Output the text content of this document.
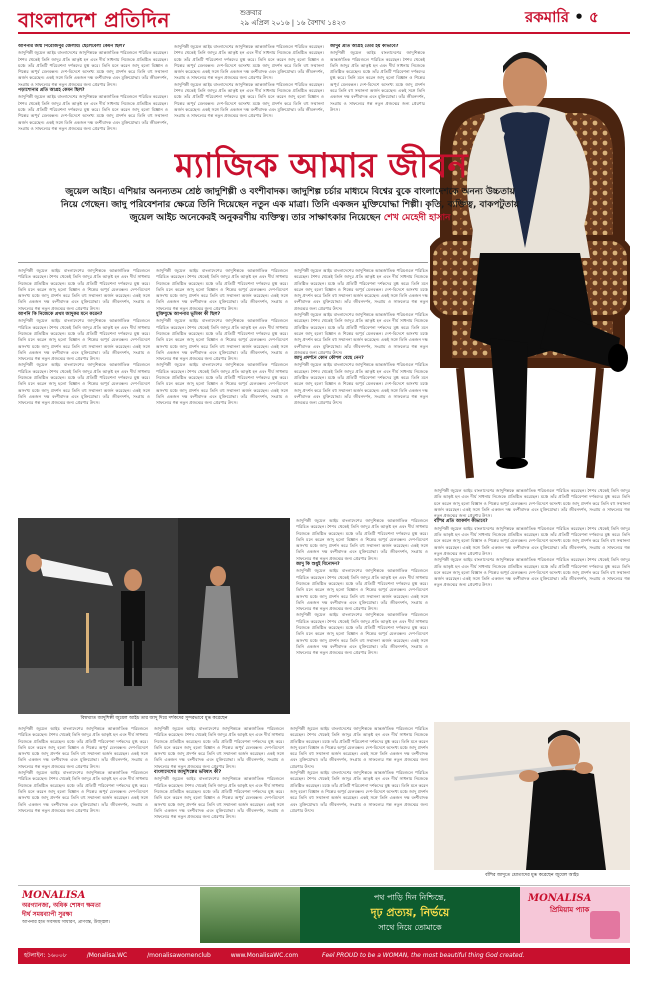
বাংলাদেশ প্রতিদিন	শুক্রবার
২৯ এপ্রিল ২০১৬ | ১৬ বৈশাখ ১৪২৩	রকমারি • ৫
আপনার জন্ম পিরোজপুর জেলায়। ছেলেবেলা কেমন ছিল?
জাদুশিল্পী জুয়েল আইচ বাংলাদেশের জাদুশিল্পকে আন্তর্জাতিক পরিমণ্ডলে পরিচিত করেছেন। শৈশব থেকেই তিনি জাদুর প্রতি আকৃষ্ট হন এবং দীর্ঘ সাধনায় নিজেকে প্রতিষ্ঠিত করেছেন। মঞ্চে তাঁর প্রতিটি পরিবেশনা দর্শকদের মুগ্ধ করে। তিনি মনে করেন জাদু হলো বিজ্ঞান ও শিল্পের অপূর্ব মেলবন্ধন। দেশ-বিদেশে অসংখ্য মঞ্চে জাদু প্রদর্শন করে তিনি বহু সম্মাননা অর্জন করেছেন। একই সঙ্গে তিনি একজন দক্ষ বংশীবাদক এবং মুক্তিযোদ্ধা। তাঁর জীবনদর্শন, সংগ্রাম ও সাফল্যের গল্প নতুন প্রজন্মের জন্য প্রেরণার উৎস।
পড়াশোনার প্রতি আগ্রহ কেমন ছিল?
জাদুশিল্পী জুয়েল আইচ বাংলাদেশের জাদুশিল্পকে আন্তর্জাতিক পরিমণ্ডলে পরিচিত করেছেন। শৈশব থেকেই তিনি জাদুর প্রতি আকৃষ্ট হন এবং দীর্ঘ সাধনায় নিজেকে প্রতিষ্ঠিত করেছেন। মঞ্চে তাঁর প্রতিটি পরিবেশনা দর্শকদের মুগ্ধ করে। তিনি মনে করেন জাদু হলো বিজ্ঞান ও শিল্পের অপূর্ব মেলবন্ধন। দেশ-বিদেশে অসংখ্য মঞ্চে জাদু প্রদর্শন করে তিনি বহু সম্মাননা অর্জন করেছেন। একই সঙ্গে তিনি একজন দক্ষ বংশীবাদক এবং মুক্তিযোদ্ধা। তাঁর জীবনদর্শন, সংগ্রাম ও সাফল্যের গল্প নতুন প্রজন্মের জন্য প্রেরণার উৎস।
জাদুশিল্পী জুয়েল আইচ বাংলাদেশের জাদুশিল্পকে আন্তর্জাতিক পরিমণ্ডলে পরিচিত করেছেন। শৈশব থেকেই তিনি জাদুর প্রতি আকৃষ্ট হন এবং দীর্ঘ সাধনায় নিজেকে প্রতিষ্ঠিত করেছেন। মঞ্চে তাঁর প্রতিটি পরিবেশনা দর্শকদের মুগ্ধ করে। তিনি মনে করেন জাদু হলো বিজ্ঞান ও শিল্পের অপূর্ব মেলবন্ধন। দেশ-বিদেশে অসংখ্য মঞ্চে জাদু প্রদর্শন করে তিনি বহু সম্মাননা অর্জন করেছেন। একই সঙ্গে তিনি একজন দক্ষ বংশীবাদক এবং মুক্তিযোদ্ধা। তাঁর জীবনদর্শন, সংগ্রাম ও সাফল্যের গল্প নতুন প্রজন্মের জন্য প্রেরণার উৎস।
জাদুশিল্পী জুয়েল আইচ বাংলাদেশের জাদুশিল্পকে আন্তর্জাতিক পরিমণ্ডলে পরিচিত করেছেন। শৈশব থেকেই তিনি জাদুর প্রতি আকৃষ্ট হন এবং দীর্ঘ সাধনায় নিজেকে প্রতিষ্ঠিত করেছেন। মঞ্চে তাঁর প্রতিটি পরিবেশনা দর্শকদের মুগ্ধ করে। তিনি মনে করেন জাদু হলো বিজ্ঞান ও শিল্পের অপূর্ব মেলবন্ধন। দেশ-বিদেশে অসংখ্য মঞ্চে জাদু প্রদর্শন করে তিনি বহু সম্মাননা অর্জন করেছেন। একই সঙ্গে তিনি একজন দক্ষ বংশীবাদক এবং মুক্তিযোদ্ধা। তাঁর জীবনদর্শন, সংগ্রাম ও সাফল্যের গল্প নতুন প্রজন্মের জন্য প্রেরণার উৎস।
জাদুর প্রতি আগ্রহ তৈরি হয় কীভাবে?
জাদুশিল্পী জুয়েল আইচ বাংলাদেশের জাদুশিল্পকে আন্তর্জাতিক পরিমণ্ডলে পরিচিত করেছেন। শৈশব থেকেই তিনি জাদুর প্রতি আকৃষ্ট হন এবং দীর্ঘ সাধনায় নিজেকে প্রতিষ্ঠিত করেছেন। মঞ্চে তাঁর প্রতিটি পরিবেশনা দর্শকদের মুগ্ধ করে। তিনি মনে করেন জাদু হলো বিজ্ঞান ও শিল্পের অপূর্ব মেলবন্ধন। দেশ-বিদেশে অসংখ্য মঞ্চে জাদু প্রদর্শন করে তিনি বহু সম্মাননা অর্জন করেছেন। একই সঙ্গে তিনি একজন দক্ষ বংশীবাদক এবং মুক্তিযোদ্ধা। তাঁর জীবনদর্শন, সংগ্রাম ও সাফল্যের গল্প নতুন প্রজন্মের জন্য প্রেরণার উৎস।
ম্যাজিক আমার জীবন
জুয়েল আইচ। এশিয়ার অনন্যতম শ্রেষ্ঠ জাদুশিল্পী ও বংশীবাদক। জাদুশিল্প চর্চার মাধ্যমে বিশ্বের বুকে বাংলাদেশকে অনন্য উচ্চতায় নিয়ে গেছেন। জাদু পরিবেশনার ক্ষেত্রে তিনি দিয়েছেন নতুন এক মাত্রা। তিনি একজন মুক্তিযোদ্ধা শিল্পী। কৃতি, ব্যক্তিত্ব, বাকপটুতায় জুয়েল আইচ অনেকেরই অনুকরণীয় ব্যক্তিত্ব। তার সাক্ষাৎকার নিয়েছেন শেখ মেহেদী হাসান
জাদুশিল্পী জুয়েল আইচ বাংলাদেশের জাদুশিল্পকে আন্তর্জাতিক পরিমণ্ডলে পরিচিত করেছেন। শৈশব থেকেই তিনি জাদুর প্রতি আকৃষ্ট হন এবং দীর্ঘ সাধনায় নিজেকে প্রতিষ্ঠিত করেছেন। মঞ্চে তাঁর প্রতিটি পরিবেশনা দর্শকদের মুগ্ধ করে। তিনি মনে করেন জাদু হলো বিজ্ঞান ও শিল্পের অপূর্ব মেলবন্ধন। দেশ-বিদেশে অসংখ্য মঞ্চে জাদু প্রদর্শন করে তিনি বহু সম্মাননা অর্জন করেছেন। একই সঙ্গে তিনি একজন দক্ষ বংশীবাদক এবং মুক্তিযোদ্ধা। তাঁর জীবনদর্শন, সংগ্রাম ও সাফল্যের গল্প নতুন প্রজন্মের জন্য প্রেরণার উৎস।
আপনি কি নিজেকে প্রথম জাদুকর মনে করেন?
জাদুশিল্পী জুয়েল আইচ বাংলাদেশের জাদুশিল্পকে আন্তর্জাতিক পরিমণ্ডলে পরিচিত করেছেন। শৈশব থেকেই তিনি জাদুর প্রতি আকৃষ্ট হন এবং দীর্ঘ সাধনায় নিজেকে প্রতিষ্ঠিত করেছেন। মঞ্চে তাঁর প্রতিটি পরিবেশনা দর্শকদের মুগ্ধ করে। তিনি মনে করেন জাদু হলো বিজ্ঞান ও শিল্পের অপূর্ব মেলবন্ধন। দেশ-বিদেশে অসংখ্য মঞ্চে জাদু প্রদর্শন করে তিনি বহু সম্মাননা অর্জন করেছেন। একই সঙ্গে তিনি একজন দক্ষ বংশীবাদক এবং মুক্তিযোদ্ধা। তাঁর জীবনদর্শন, সংগ্রাম ও সাফল্যের গল্প নতুন প্রজন্মের জন্য প্রেরণার উৎস।
জাদুশিল্পী জুয়েল আইচ বাংলাদেশের জাদুশিল্পকে আন্তর্জাতিক পরিমণ্ডলে পরিচিত করেছেন। শৈশব থেকেই তিনি জাদুর প্রতি আকৃষ্ট হন এবং দীর্ঘ সাধনায় নিজেকে প্রতিষ্ঠিত করেছেন। মঞ্চে তাঁর প্রতিটি পরিবেশনা দর্শকদের মুগ্ধ করে। তিনি মনে করেন জাদু হলো বিজ্ঞান ও শিল্পের অপূর্ব মেলবন্ধন। দেশ-বিদেশে অসংখ্য মঞ্চে জাদু প্রদর্শন করে তিনি বহু সম্মাননা অর্জন করেছেন। একই সঙ্গে তিনি একজন দক্ষ বংশীবাদক এবং মুক্তিযোদ্ধা। তাঁর জীবনদর্শন, সংগ্রাম ও সাফল্যের গল্প নতুন প্রজন্মের জন্য প্রেরণার উৎস।
জাদুশিল্পী জুয়েল আইচ বাংলাদেশের জাদুশিল্পকে আন্তর্জাতিক পরিমণ্ডলে পরিচিত করেছেন। শৈশব থেকেই তিনি জাদুর প্রতি আকৃষ্ট হন এবং দীর্ঘ সাধনায় নিজেকে প্রতিষ্ঠিত করেছেন। মঞ্চে তাঁর প্রতিটি পরিবেশনা দর্শকদের মুগ্ধ করে। তিনি মনে করেন জাদু হলো বিজ্ঞান ও শিল্পের অপূর্ব মেলবন্ধন। দেশ-বিদেশে অসংখ্য মঞ্চে জাদু প্রদর্শন করে তিনি বহু সম্মাননা অর্জন করেছেন। একই সঙ্গে তিনি একজন দক্ষ বংশীবাদক এবং মুক্তিযোদ্ধা। তাঁর জীবনদর্শন, সংগ্রাম ও সাফল্যের গল্প নতুন প্রজন্মের জন্য প্রেরণার উৎস।
মুক্তিযুদ্ধে আপনার ভূমিকা কী ছিল?
জাদুশিল্পী জুয়েল আইচ বাংলাদেশের জাদুশিল্পকে আন্তর্জাতিক পরিমণ্ডলে পরিচিত করেছেন। শৈশব থেকেই তিনি জাদুর প্রতি আকৃষ্ট হন এবং দীর্ঘ সাধনায় নিজেকে প্রতিষ্ঠিত করেছেন। মঞ্চে তাঁর প্রতিটি পরিবেশনা দর্শকদের মুগ্ধ করে। তিনি মনে করেন জাদু হলো বিজ্ঞান ও শিল্পের অপূর্ব মেলবন্ধন। দেশ-বিদেশে অসংখ্য মঞ্চে জাদু প্রদর্শন করে তিনি বহু সম্মাননা অর্জন করেছেন। একই সঙ্গে তিনি একজন দক্ষ বংশীবাদক এবং মুক্তিযোদ্ধা। তাঁর জীবনদর্শন, সংগ্রাম ও সাফল্যের গল্প নতুন প্রজন্মের জন্য প্রেরণার উৎস।
জাদুশিল্পী জুয়েল আইচ বাংলাদেশের জাদুশিল্পকে আন্তর্জাতিক পরিমণ্ডলে পরিচিত করেছেন। শৈশব থেকেই তিনি জাদুর প্রতি আকৃষ্ট হন এবং দীর্ঘ সাধনায় নিজেকে প্রতিষ্ঠিত করেছেন। মঞ্চে তাঁর প্রতিটি পরিবেশনা দর্শকদের মুগ্ধ করে। তিনি মনে করেন জাদু হলো বিজ্ঞান ও শিল্পের অপূর্ব মেলবন্ধন। দেশ-বিদেশে অসংখ্য মঞ্চে জাদু প্রদর্শন করে তিনি বহু সম্মাননা অর্জন করেছেন। একই সঙ্গে তিনি একজন দক্ষ বংশীবাদক এবং মুক্তিযোদ্ধা। তাঁর জীবনদর্শন, সংগ্রাম ও সাফল্যের গল্প নতুন প্রজন্মের জন্য প্রেরণার উৎস।
জাদুশিল্পী জুয়েল আইচ বাংলাদেশের জাদুশিল্পকে আন্তর্জাতিক পরিমণ্ডলে পরিচিত করেছেন। শৈশব থেকেই তিনি জাদুর প্রতি আকৃষ্ট হন এবং দীর্ঘ সাধনায় নিজেকে প্রতিষ্ঠিত করেছেন। মঞ্চে তাঁর প্রতিটি পরিবেশনা দর্শকদের মুগ্ধ করে। তিনি মনে করেন জাদু হলো বিজ্ঞান ও শিল্পের অপূর্ব মেলবন্ধন। দেশ-বিদেশে অসংখ্য মঞ্চে জাদু প্রদর্শন করে তিনি বহু সম্মাননা অর্জন করেছেন। একই সঙ্গে তিনি একজন দক্ষ বংশীবাদক এবং মুক্তিযোদ্ধা। তাঁর জীবনদর্শন, সংগ্রাম ও সাফল্যের গল্প নতুন প্রজন্মের জন্য প্রেরণার উৎস।
জাদুশিল্পী জুয়েল আইচ বাংলাদেশের জাদুশিল্পকে আন্তর্জাতিক পরিমণ্ডলে পরিচিত করেছেন। শৈশব থেকেই তিনি জাদুর প্রতি আকৃষ্ট হন এবং দীর্ঘ সাধনায় নিজেকে প্রতিষ্ঠিত করেছেন। মঞ্চে তাঁর প্রতিটি পরিবেশনা দর্শকদের মুগ্ধ করে। তিনি মনে করেন জাদু হলো বিজ্ঞান ও শিল্পের অপূর্ব মেলবন্ধন। দেশ-বিদেশে অসংখ্য মঞ্চে জাদু প্রদর্শন করে তিনি বহু সম্মাননা অর্জন করেছেন। একই সঙ্গে তিনি একজন দক্ষ বংশীবাদক এবং মুক্তিযোদ্ধা। তাঁর জীবনদর্শন, সংগ্রাম ও সাফল্যের গল্প নতুন প্রজন্মের জন্য প্রেরণার উৎস।
জাদু প্রদর্শনে কোন কৌশল বেছে নেন?
জাদুশিল্পী জুয়েল আইচ বাংলাদেশের জাদুশিল্পকে আন্তর্জাতিক পরিমণ্ডলে পরিচিত করেছেন। শৈশব থেকেই তিনি জাদুর প্রতি আকৃষ্ট হন এবং দীর্ঘ সাধনায় নিজেকে প্রতিষ্ঠিত করেছেন। মঞ্চে তাঁর প্রতিটি পরিবেশনা দর্শকদের মুগ্ধ করে। তিনি মনে করেন জাদু হলো বিজ্ঞান ও শিল্পের অপূর্ব মেলবন্ধন। দেশ-বিদেশে অসংখ্য মঞ্চে জাদু প্রদর্শন করে তিনি বহু সম্মাননা অর্জন করেছেন। একই সঙ্গে তিনি একজন দক্ষ বংশীবাদক এবং মুক্তিযোদ্ধা। তাঁর জীবনদর্শন, সংগ্রাম ও সাফল্যের গল্প নতুন প্রজন্মের জন্য প্রেরণার উৎস।
বিশ্বখ্যাত জাদুশিল্পী জুয়েল আইচ তার জাদু দিয়ে দর্শকদের সুন্দরভাবে মুগ্ধ করেছেন
জাদুশিল্পী জুয়েল আইচ বাংলাদেশের জাদুশিল্পকে আন্তর্জাতিক পরিমণ্ডলে পরিচিত করেছেন। শৈশব থেকেই তিনি জাদুর প্রতি আকৃষ্ট হন এবং দীর্ঘ সাধনায় নিজেকে প্রতিষ্ঠিত করেছেন। মঞ্চে তাঁর প্রতিটি পরিবেশনা দর্শকদের মুগ্ধ করে। তিনি মনে করেন জাদু হলো বিজ্ঞান ও শিল্পের অপূর্ব মেলবন্ধন। দেশ-বিদেশে অসংখ্য মঞ্চে জাদু প্রদর্শন করে তিনি বহু সম্মাননা অর্জন করেছেন। একই সঙ্গে তিনি একজন দক্ষ বংশীবাদক এবং মুক্তিযোদ্ধা। তাঁর জীবনদর্শন, সংগ্রাম ও সাফল্যের গল্প নতুন প্রজন্মের জন্য প্রেরণার উৎস।
জাদু কি শুধুই বিনোদন?
জাদুশিল্পী জুয়েল আইচ বাংলাদেশের জাদুশিল্পকে আন্তর্জাতিক পরিমণ্ডলে পরিচিত করেছেন। শৈশব থেকেই তিনি জাদুর প্রতি আকৃষ্ট হন এবং দীর্ঘ সাধনায় নিজেকে প্রতিষ্ঠিত করেছেন। মঞ্চে তাঁর প্রতিটি পরিবেশনা দর্শকদের মুগ্ধ করে। তিনি মনে করেন জাদু হলো বিজ্ঞান ও শিল্পের অপূর্ব মেলবন্ধন। দেশ-বিদেশে অসংখ্য মঞ্চে জাদু প্রদর্শন করে তিনি বহু সম্মাননা অর্জন করেছেন। একই সঙ্গে তিনি একজন দক্ষ বংশীবাদক এবং মুক্তিযোদ্ধা। তাঁর জীবনদর্শন, সংগ্রাম ও সাফল্যের গল্প নতুন প্রজন্মের জন্য প্রেরণার উৎস।
জাদুশিল্পী জুয়েল আইচ বাংলাদেশের জাদুশিল্পকে আন্তর্জাতিক পরিমণ্ডলে পরিচিত করেছেন। শৈশব থেকেই তিনি জাদুর প্রতি আকৃষ্ট হন এবং দীর্ঘ সাধনায় নিজেকে প্রতিষ্ঠিত করেছেন। মঞ্চে তাঁর প্রতিটি পরিবেশনা দর্শকদের মুগ্ধ করে। তিনি মনে করেন জাদু হলো বিজ্ঞান ও শিল্পের অপূর্ব মেলবন্ধন। দেশ-বিদেশে অসংখ্য মঞ্চে জাদু প্রদর্শন করে তিনি বহু সম্মাননা অর্জন করেছেন। একই সঙ্গে তিনি একজন দক্ষ বংশীবাদক এবং মুক্তিযোদ্ধা। তাঁর জীবনদর্শন, সংগ্রাম ও সাফল্যের গল্প নতুন প্রজন্মের জন্য প্রেরণার উৎস।
জাদুশিল্পী জুয়েল আইচ বাংলাদেশের জাদুশিল্পকে আন্তর্জাতিক পরিমণ্ডলে পরিচিত করেছেন। শৈশব থেকেই তিনি জাদুর প্রতি আকৃষ্ট হন এবং দীর্ঘ সাধনায় নিজেকে প্রতিষ্ঠিত করেছেন। মঞ্চে তাঁর প্রতিটি পরিবেশনা দর্শকদের মুগ্ধ করে। তিনি মনে করেন জাদু হলো বিজ্ঞান ও শিল্পের অপূর্ব মেলবন্ধন। দেশ-বিদেশে অসংখ্য মঞ্চে জাদু প্রদর্শন করে তিনি বহু সম্মাননা অর্জন করেছেন। একই সঙ্গে তিনি একজন দক্ষ বংশীবাদক এবং মুক্তিযোদ্ধা। তাঁর জীবনদর্শন, সংগ্রাম ও সাফল্যের গল্প নতুন প্রজন্মের জন্য প্রেরণার উৎস।
বাঁশির প্রতি আকর্ষণ কীভাবে?
জাদুশিল্পী জুয়েল আইচ বাংলাদেশের জাদুশিল্পকে আন্তর্জাতিক পরিমণ্ডলে পরিচিত করেছেন। শৈশব থেকেই তিনি জাদুর প্রতি আকৃষ্ট হন এবং দীর্ঘ সাধনায় নিজেকে প্রতিষ্ঠিত করেছেন। মঞ্চে তাঁর প্রতিটি পরিবেশনা দর্শকদের মুগ্ধ করে। তিনি মনে করেন জাদু হলো বিজ্ঞান ও শিল্পের অপূর্ব মেলবন্ধন। দেশ-বিদেশে অসংখ্য মঞ্চে জাদু প্রদর্শন করে তিনি বহু সম্মাননা অর্জন করেছেন। একই সঙ্গে তিনি একজন দক্ষ বংশীবাদক এবং মুক্তিযোদ্ধা। তাঁর জীবনদর্শন, সংগ্রাম ও সাফল্যের গল্প নতুন প্রজন্মের জন্য প্রেরণার উৎস।
জাদুশিল্পী জুয়েল আইচ বাংলাদেশের জাদুশিল্পকে আন্তর্জাতিক পরিমণ্ডলে পরিচিত করেছেন। শৈশব থেকেই তিনি জাদুর প্রতি আকৃষ্ট হন এবং দীর্ঘ সাধনায় নিজেকে প্রতিষ্ঠিত করেছেন। মঞ্চে তাঁর প্রতিটি পরিবেশনা দর্শকদের মুগ্ধ করে। তিনি মনে করেন জাদু হলো বিজ্ঞান ও শিল্পের অপূর্ব মেলবন্ধন। দেশ-বিদেশে অসংখ্য মঞ্চে জাদু প্রদর্শন করে তিনি বহু সম্মাননা অর্জন করেছেন। একই সঙ্গে তিনি একজন দক্ষ বংশীবাদক এবং মুক্তিযোদ্ধা। তাঁর জীবনদর্শন, সংগ্রাম ও সাফল্যের গল্প নতুন প্রজন্মের জন্য প্রেরণার উৎস।
জাদুশিল্পী জুয়েল আইচ বাংলাদেশের জাদুশিল্পকে আন্তর্জাতিক পরিমণ্ডলে পরিচিত করেছেন। শৈশব থেকেই তিনি জাদুর প্রতি আকৃষ্ট হন এবং দীর্ঘ সাধনায় নিজেকে প্রতিষ্ঠিত করেছেন। মঞ্চে তাঁর প্রতিটি পরিবেশনা দর্শকদের মুগ্ধ করে। তিনি মনে করেন জাদু হলো বিজ্ঞান ও শিল্পের অপূর্ব মেলবন্ধন। দেশ-বিদেশে অসংখ্য মঞ্চে জাদু প্রদর্শন করে তিনি বহু সম্মাননা অর্জন করেছেন। একই সঙ্গে তিনি একজন দক্ষ বংশীবাদক এবং মুক্তিযোদ্ধা। তাঁর জীবনদর্শন, সংগ্রাম ও সাফল্যের গল্প নতুন প্রজন্মের জন্য প্রেরণার উৎস।
জাদুশিল্পী জুয়েল আইচ বাংলাদেশের জাদুশিল্পকে আন্তর্জাতিক পরিমণ্ডলে পরিচিত করেছেন। শৈশব থেকেই তিনি জাদুর প্রতি আকৃষ্ট হন এবং দীর্ঘ সাধনায় নিজেকে প্রতিষ্ঠিত করেছেন। মঞ্চে তাঁর প্রতিটি পরিবেশনা দর্শকদের মুগ্ধ করে। তিনি মনে করেন জাদু হলো বিজ্ঞান ও শিল্পের অপূর্ব মেলবন্ধন। দেশ-বিদেশে অসংখ্য মঞ্চে জাদু প্রদর্শন করে তিনি বহু সম্মাননা অর্জন করেছেন। একই সঙ্গে তিনি একজন দক্ষ বংশীবাদক এবং মুক্তিযোদ্ধা। তাঁর জীবনদর্শন, সংগ্রাম ও সাফল্যের গল্প নতুন প্রজন্মের জন্য প্রেরণার উৎস।
জাদুশিল্পী জুয়েল আইচ বাংলাদেশের জাদুশিল্পকে আন্তর্জাতিক পরিমণ্ডলে পরিচিত করেছেন। শৈশব থেকেই তিনি জাদুর প্রতি আকৃষ্ট হন এবং দীর্ঘ সাধনায় নিজেকে প্রতিষ্ঠিত করেছেন। মঞ্চে তাঁর প্রতিটি পরিবেশনা দর্শকদের মুগ্ধ করে। তিনি মনে করেন জাদু হলো বিজ্ঞান ও শিল্পের অপূর্ব মেলবন্ধন। দেশ-বিদেশে অসংখ্য মঞ্চে জাদু প্রদর্শন করে তিনি বহু সম্মাননা অর্জন করেছেন। একই সঙ্গে তিনি একজন দক্ষ বংশীবাদক এবং মুক্তিযোদ্ধা। তাঁর জীবনদর্শন, সংগ্রাম ও সাফল্যের গল্প নতুন প্রজন্মের জন্য প্রেরণার উৎস।
বাংলাদেশের জাদুশিল্পের ভবিষ্যৎ কী?
জাদুশিল্পী জুয়েল আইচ বাংলাদেশের জাদুশিল্পকে আন্তর্জাতিক পরিমণ্ডলে পরিচিত করেছেন। শৈশব থেকেই তিনি জাদুর প্রতি আকৃষ্ট হন এবং দীর্ঘ সাধনায় নিজেকে প্রতিষ্ঠিত করেছেন। মঞ্চে তাঁর প্রতিটি পরিবেশনা দর্শকদের মুগ্ধ করে। তিনি মনে করেন জাদু হলো বিজ্ঞান ও শিল্পের অপূর্ব মেলবন্ধন। দেশ-বিদেশে অসংখ্য মঞ্চে জাদু প্রদর্শন করে তিনি বহু সম্মাননা অর্জন করেছেন। একই সঙ্গে তিনি একজন দক্ষ বংশীবাদক এবং মুক্তিযোদ্ধা। তাঁর জীবনদর্শন, সংগ্রাম ও সাফল্যের গল্প নতুন প্রজন্মের জন্য প্রেরণার উৎস।
জাদুশিল্পী জুয়েল আইচ বাংলাদেশের জাদুশিল্পকে আন্তর্জাতিক পরিমণ্ডলে পরিচিত করেছেন। শৈশব থেকেই তিনি জাদুর প্রতি আকৃষ্ট হন এবং দীর্ঘ সাধনায় নিজেকে প্রতিষ্ঠিত করেছেন। মঞ্চে তাঁর প্রতিটি পরিবেশনা দর্শকদের মুগ্ধ করে। তিনি মনে করেন জাদু হলো বিজ্ঞান ও শিল্পের অপূর্ব মেলবন্ধন। দেশ-বিদেশে অসংখ্য মঞ্চে জাদু প্রদর্শন করে তিনি বহু সম্মাননা অর্জন করেছেন। একই সঙ্গে তিনি একজন দক্ষ বংশীবাদক এবং মুক্তিযোদ্ধা। তাঁর জীবনদর্শন, সংগ্রাম ও সাফল্যের গল্প নতুন প্রজন্মের জন্য প্রেরণার উৎস।
জাদুশিল্পী জুয়েল আইচ বাংলাদেশের জাদুশিল্পকে আন্তর্জাতিক পরিমণ্ডলে পরিচিত করেছেন। শৈশব থেকেই তিনি জাদুর প্রতি আকৃষ্ট হন এবং দীর্ঘ সাধনায় নিজেকে প্রতিষ্ঠিত করেছেন। মঞ্চে তাঁর প্রতিটি পরিবেশনা দর্শকদের মুগ্ধ করে। তিনি মনে করেন জাদু হলো বিজ্ঞান ও শিল্পের অপূর্ব মেলবন্ধন। দেশ-বিদেশে অসংখ্য মঞ্চে জাদু প্রদর্শন করে তিনি বহু সম্মাননা অর্জন করেছেন। একই সঙ্গে তিনি একজন দক্ষ বংশীবাদক এবং মুক্তিযোদ্ধা। তাঁর জীবনদর্শন, সংগ্রাম ও সাফল্যের গল্প নতুন প্রজন্মের জন্য প্রেরণার উৎস।
বাঁশির জাদুতে শ্রোতাদের মুগ্ধ করেছেন জুয়েল আইচ
MONALISA
অরগ্যানজা, অধিক শোষণ ক্ষমতা
দীর্ঘ সময়ব্যাপী সুরক্ষা
আপনার হাত সবসময় সাধারণ, প্রাণবন্ত, উজ্জ্বল।
পথ পাড়ি দিন নিশ্চিন্তে,
দৃঢ় প্রত্যয়, নির্ভয়ে
সাথে নিয়ে তোমাকে
MONALISA
প্রিমিয়াম প্যাক
হটলাইন: ১৬০০৮	/Monalisa.WC	/monalisawomenclub	www.MonalisaWC.com	Feel PROUD to be a WOMAN, the most beautiful thing God created.
